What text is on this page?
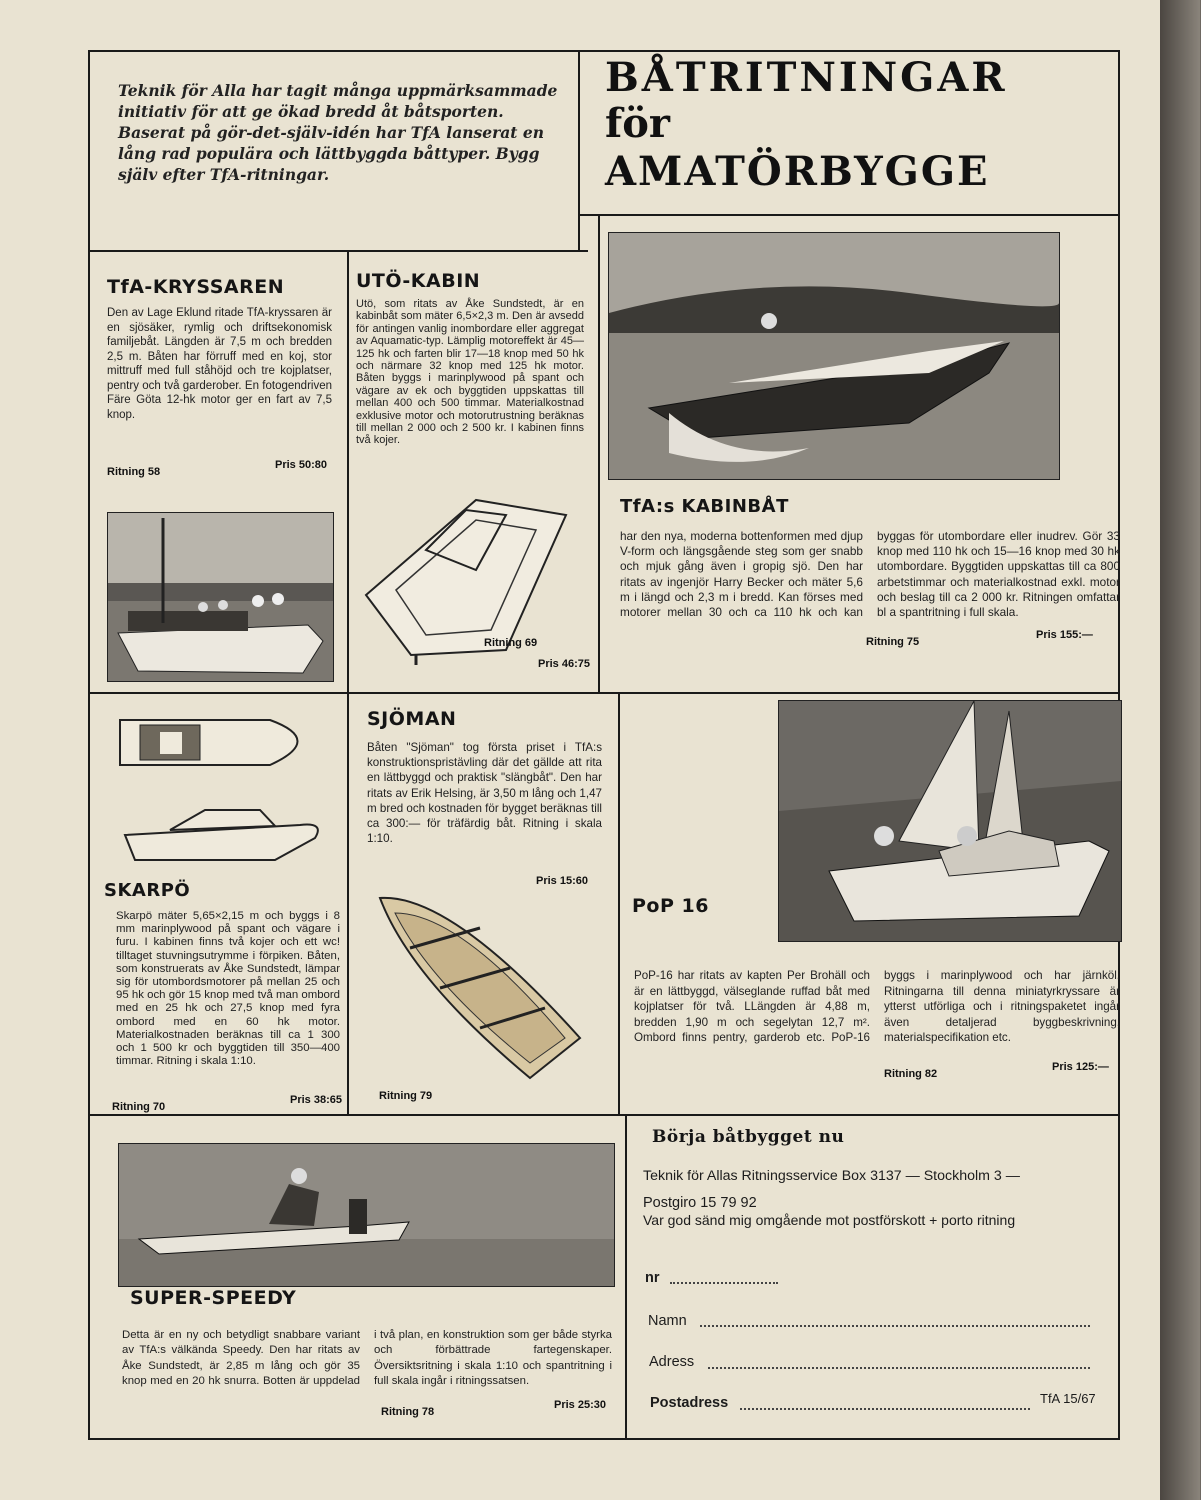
Teknik för Alla har tagit många uppmärksammade initiativ för att ge ökad bredd åt båtsporten. Baserat på gör-det-själv-idén har TfA lanserat en lång rad populära och lättbyggda båttyper. Bygg själv efter TfA-ritningar.

BÅTRITNINGAR
för
AMATÖRBYGGE
TfA-KRYSSAREN

Den av Lage Eklund ritade TfA-kryssaren är en sjösäker, rymlig och driftsekonomisk familjebåt. Längden är 7,5 m och bredden 2,5 m. Båten har förruff med en koj, stor mittruff med full ståhöjd och tre kojplatser, pentry och två garderober. En fotogendriven Färe Göta 12-hk motor ger en fart av 7,5 knop.

Ritning 58
Pris 50:80
UTÖ-KABIN

Utö, som ritats av Åke Sundstedt, är en kabinbåt som mäter 6,5×2,3 m. Den är avsedd för antingen vanlig inombordare eller aggregat av Aquamatic-typ. Lämplig motoreffekt är 45—125 hk och farten blir 17—18 knop med 50 hk och närmare 32 knop med 125 hk motor. Båten byggs i marinplywood på spant och vägare av ek och byggtiden uppskattas till mellan 400 och 500 timmar. Materialkostnad exklusive motor och motorutrustning beräknas till mellan 2 000 och 2 500 kr. I kabinen finns två kojer.

Ritning 69
Pris 46:75
TfA:s KABINBÅT

har den nya, moderna bottenformen med djup V-form och längsgående steg som ger snabb och mjuk gång även i gropig sjö. Den har ritats av ingenjör Harry Becker och mäter 5,6 m i längd och 2,3 m i bredd. Kan förses med motorer mellan 30 och ca 110 hk och kan byggas för utombordare eller inudrev. Gör 33 knop med 110 hk och 15—16 knop med 30 hk utombordare. Byggtiden uppskattas till ca 800 arbetstimmar och materialkostnad exkl. motor och beslag till ca 2 000 kr. Ritningen omfattar bl a spantritning i full skala.

Ritning 75
Pris 155:—
SKARPÖ

Skarpö mäter 5,65×2,15 m och byggs i 8 mm marinplywood på spant och vägare i furu. I kabinen finns två kojer och ett wc! tilltaget stuvningsutrymme i förpiken. Båten, som konstruerats av Åke Sundstedt, lämpar sig för utombordsmotorer på mellan 25 och 95 hk och gör 15 knop med två man ombord med en 25 hk och 27,5 knop med fyra ombord med en 60 hk motor. Materialkostnaden beräknas till ca 1 300 och 1 500 kr och byggtiden till 350—400 timmar. Ritning i skala 1:10.

Ritning 70
Pris 38:65
SJÖMAN

Båten "Sjöman" tog första priset i TfA:s konstruktionspristävling där det gällde att rita en lättbyggd och praktisk "slängbåt". Den har ritats av Erik Helsing, är 3,50 m lång och 1,47 m bred och kostnaden för bygget beräknas till ca 300:— för träfärdig båt. Ritning i skala 1:10.

Pris 15:60
Ritning 79
PoP 16

PoP-16 har ritats av kapten Per Brohäll och är en lättbyggd, välseglande ruffad båt med kojplatser för två. LLängden är 4,88 m, bredden 1,90 m och segelytan 12,7 m². Ombord finns pentry, garderob etc. PoP-16 byggs i marinplywood och har järnköl. Ritningarna till denna miniatyrkryssare är ytterst utförliga och i ritningspaketet ingår även detaljerad byggbeskrivning, materialspecifikation etc.

Ritning 82
Pris 125:—
SUPER-SPEEDY

Detta är en ny och betydligt snabbare variant av TfA:s välkända Speedy. Den har ritats av Åke Sundstedt, är 2,85 m lång och gör 35 knop med en 20 hk snurra. Botten är uppdelad i två plan, en konstruktion som ger både styrka och förbättrade fartegenskaper. Översiktsritning i skala 1:10 och spantritning i full skala ingår i ritningssatsen.

Ritning 78
Pris 25:30
Börja båtbygget nu
Teknik för Allas Ritningsservice Box 3137 — Stockholm 3 —
Postgiro 15 79 92
Var god sänd mig omgående mot postförskott + porto ritning
nr
Namn
Adress
Postadress	TfA 15/67
